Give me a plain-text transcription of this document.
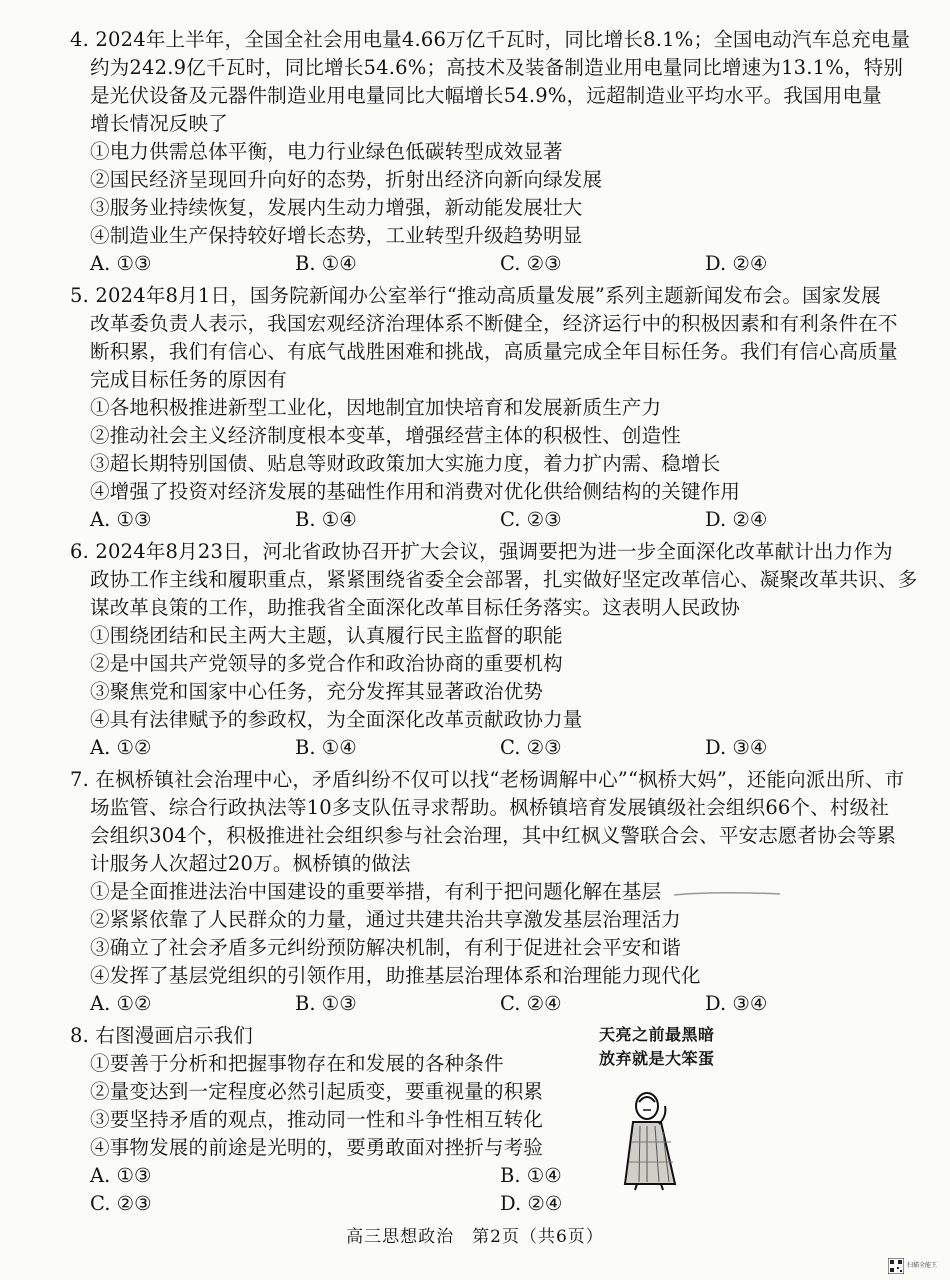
4. 2024年上半年，全国全社会用电量4.66万亿千瓦时，同比增长8.1%；全国电动汽车总充电量
约为242.9亿千瓦时，同比增长54.6%；高技术及装备制造业用电量同比增速为13.1%，特别
是光伏设备及元器件制造业用电量同比大幅增长54.9%，远超制造业平均水平。我国用电量
增长情况反映了
①电力供需总体平衡，电力行业绿色低碳转型成效显著
②国民经济呈现回升向好的态势，折射出经济向新向绿发展
③服务业持续恢复，发展内生动力增强，新动能发展壮大
④制造业生产保持较好增长态势，工业转型升级趋势明显
A. ①③	B. ①④	C. ②③	D. ②④
5. 2024年8月1日，国务院新闻办公室举行“推动高质量发展”系列主题新闻发布会。国家发展
改革委负责人表示，我国宏观经济治理体系不断健全，经济运行中的积极因素和有利条件在不
断积累，我们有信心、有底气战胜困难和挑战，高质量完成全年目标任务。我们有信心高质量
完成目标任务的原因有
①各地积极推进新型工业化，因地制宜加快培育和发展新质生产力
②推动社会主义经济制度根本变革，增强经营主体的积极性、创造性
③超长期特别国债、贴息等财政政策加大实施力度，着力扩内需、稳增长
④增强了投资对经济发展的基础性作用和消费对优化供给侧结构的关键作用
A. ①③	B. ①④	C. ②③	D. ②④
6. 2024年8月23日，河北省政协召开扩大会议，强调要把为进一步全面深化改革献计出力作为
政协工作主线和履职重点，紧紧围绕省委全会部署，扎实做好坚定改革信心、凝聚改革共识、多
谋改革良策的工作，助推我省全面深化改革目标任务落实。这表明人民政协
①围绕团结和民主两大主题，认真履行民主监督的职能
②是中国共产党领导的多党合作和政治协商的重要机构
③聚焦党和国家中心任务，充分发挥其显著政治优势
④具有法律赋予的参政权，为全面深化改革贡献政协力量
A. ①②	B. ①④	C. ②③	D. ③④
7. 在枫桥镇社会治理中心，矛盾纠纷不仅可以找“老杨调解中心”“枫桥大妈”，还能向派出所、市
场监管、综合行政执法等10多支队伍寻求帮助。枫桥镇培育发展镇级社会组织66个、村级社
会组织304个，积极推进社会组织参与社会治理，其中红枫义警联合会、平安志愿者协会等累
计服务人次超过20万。枫桥镇的做法
①是全面推进法治中国建设的重要举措，有利于把问题化解在基层
②紧紧依靠了人民群众的力量，通过共建共治共享激发基层治理活力
③确立了社会矛盾多元纠纷预防解决机制，有利于促进社会平安和谐
④发挥了基层党组织的引领作用，助推基层治理体系和治理能力现代化
A. ①②	B. ①③	C. ②④	D. ③④
8. 右图漫画启示我们
①要善于分析和把握事物存在和发展的各种条件
②量变达到一定程度必然引起质变，要重视量的积累
③要坚持矛盾的观点，推动同一性和斗争性相互转化
④事物发展的前途是光明的，要勇敢面对挫折与考验
A. ①③	B. ①④
C. ②③	D. ②④
天亮之前最黑暗
放弃就是大笨蛋
高三思想政治　第2页（共6页）
扫描全能王
